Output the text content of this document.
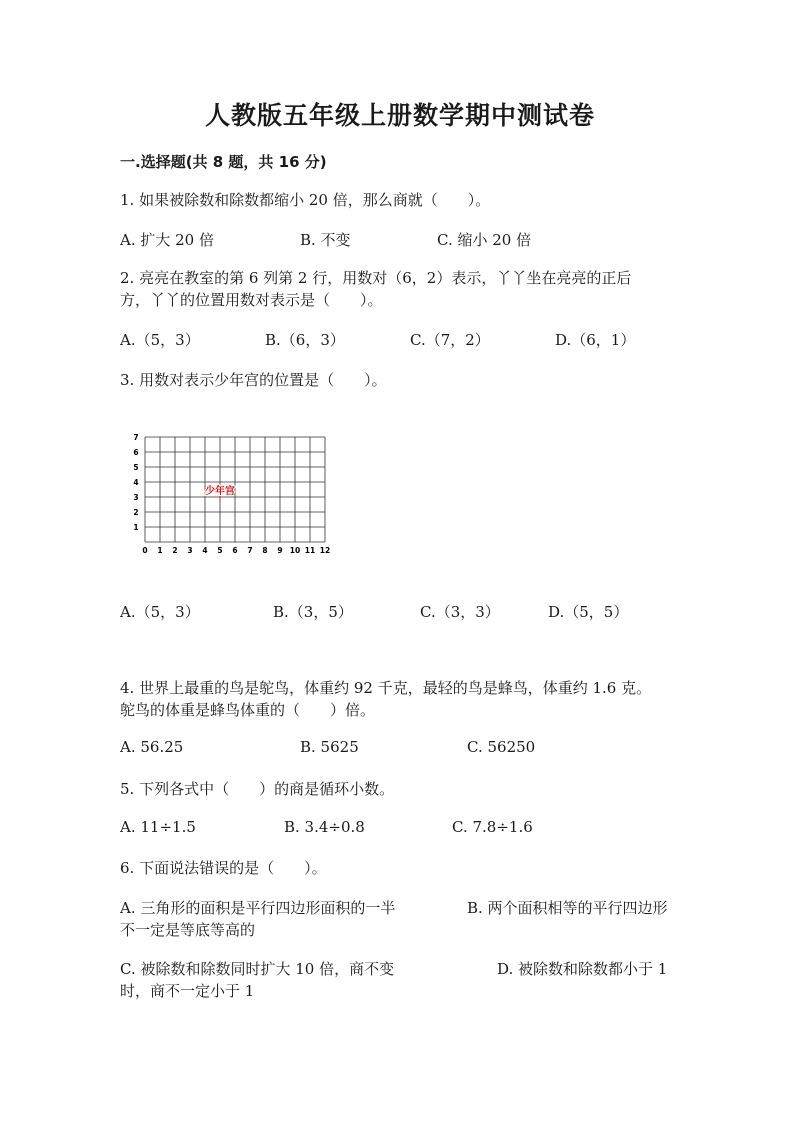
人教版五年级上册数学期中测试卷
一.选择题(共 8 题，共 16 分)
1. 如果被除数和除数都缩小 20 倍，那么商就（　　）。
A. 扩大 20 倍	B. 不变	C. 缩小 20 倍
2. 亮亮在教室的第 6 列第 2 行，用数对（6，2）表示，丫丫坐在亮亮的正后
方，丫丫的位置用数对表示是（　　）。
A.（5，3）	B.（6，3）	C.（7，2）	D.（6，1）
3. 用数对表示少年宫的位置是（　　）。
0 1 2 3 4 5 6 7 8 9 10 11 12
1
2
3
4
5
6
7
少年宫
A.（5，3）	B.（3，5）	C.（3，3）	D.（5，5）
4. 世界上最重的鸟是鸵鸟，体重约 92 千克，最轻的鸟是蜂鸟，体重约 1.6 克。
鸵鸟的体重是蜂鸟体重的（　　）倍。
A. 56.25	B. 5625	C. 56250
5. 下列各式中（　　）的商是循环小数。
A. 11÷1.5	B. 3.4÷0.8	C. 7.8÷1.6
6. 下面说法错误的是（　　）。
A. 三角形的面积是平行四边形面积的一半	B. 两个面积相等的平行四边形
不一定是等底等高的
C. 被除数和除数同时扩大 10 倍，商不变	D. 被除数和除数都小于 1
时，商不一定小于 1
